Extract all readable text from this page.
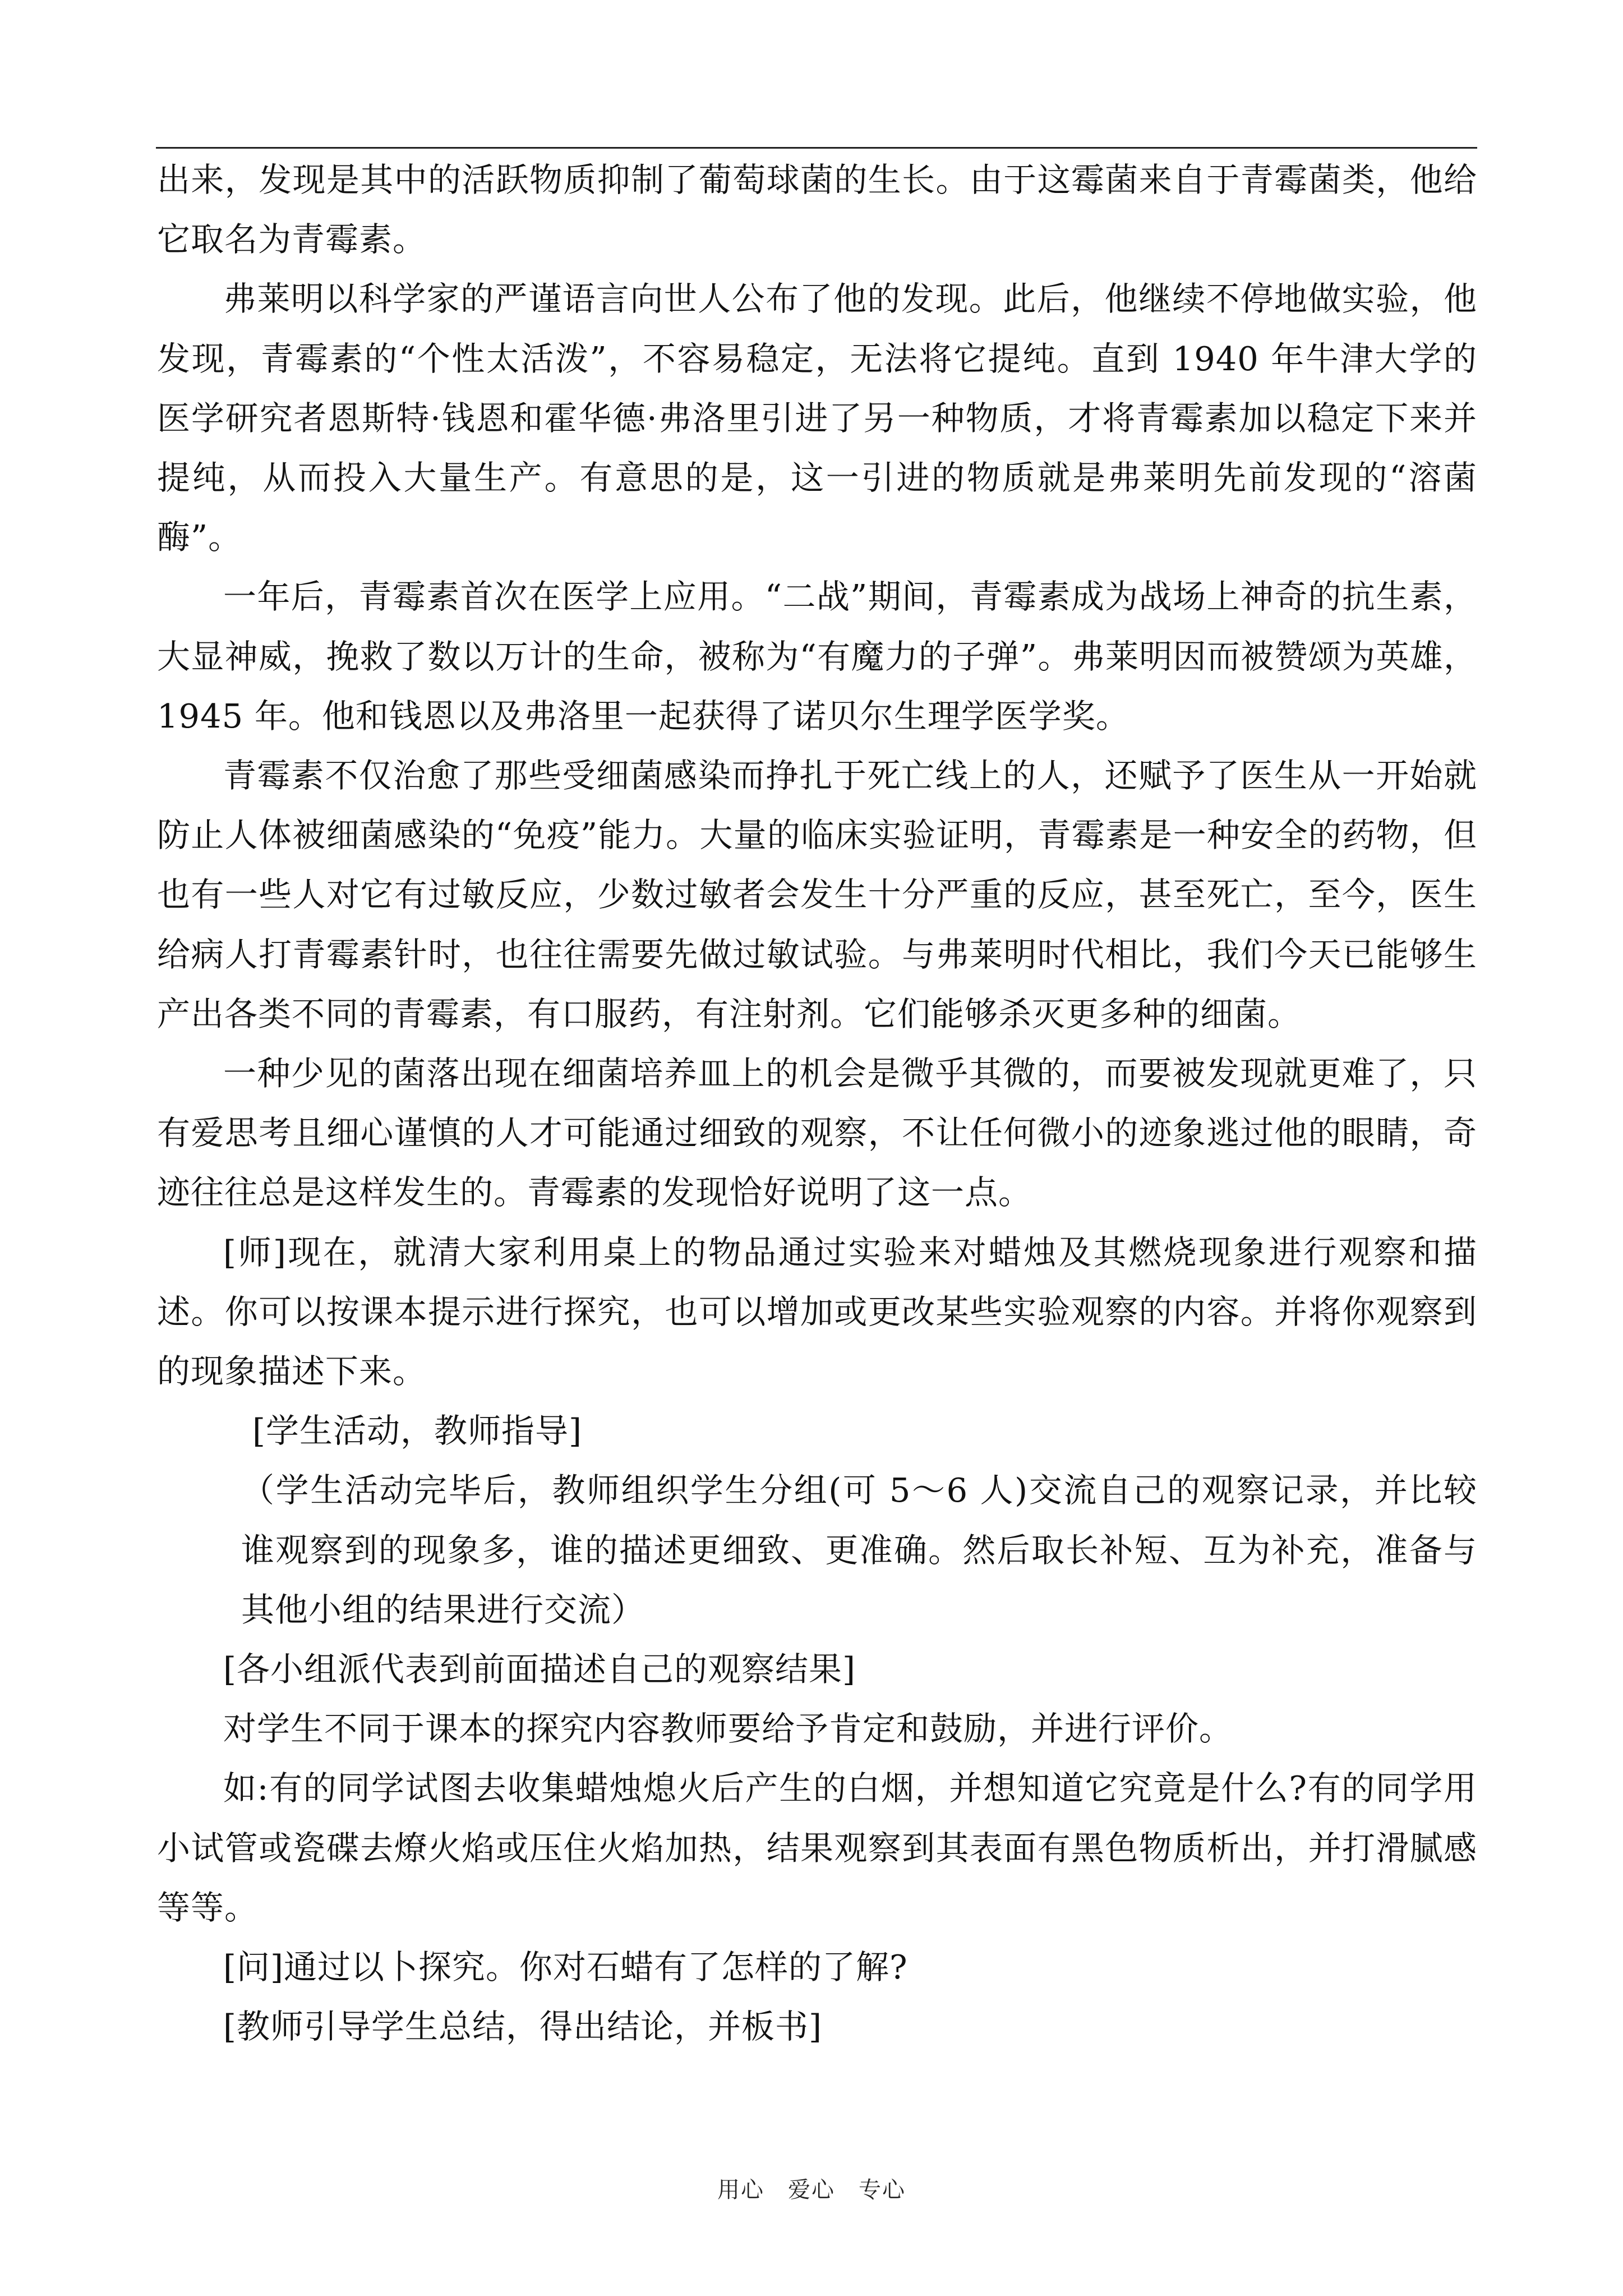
出来，发现是其中的活跃物质抑制了葡萄球菌的生长。由于这霉菌来自于青霉菌类，他给它取名为青霉素。

弗莱明以科学家的严谨语言向世人公布了他的发现。此后，他继续不停地做实验，他发现，青霉素的“个性太活泼”，不容易稳定，无法将它提纯。直到 1940 年牛津大学的医学研究者恩斯特·钱恩和霍华德·弗洛里引进了另一种物质，才将青霉素加以稳定下来并提纯，从而投入大量生产。有意思的是，这一引进的物质就是弗莱明先前发现的“溶菌酶”。

一年后，青霉素首次在医学上应用。“二战”期间，青霉素成为战场上神奇的抗生素，大显神威，挽救了数以万计的生命，被称为“有魔力的子弹”。弗莱明因而被赞颂为英雄，1945 年。他和钱恩以及弗洛里一起获得了诺贝尔生理学医学奖。

青霉素不仅治愈了那些受细菌感染而挣扎于死亡线上的人，还赋予了医生从一开始就防止人体被细菌感染的“免疫”能力。大量的临床实验证明，青霉素是一种安全的药物，但也有一些人对它有过敏反应，少数过敏者会发生十分严重的反应，甚至死亡，至今，医生给病人打青霉素针时，也往往需要先做过敏试验。与弗莱明时代相比，我们今天已能够生产出各类不同的青霉素，有口服药，有注射剂。它们能够杀灭更多种的细菌。

一种少见的菌落出现在细菌培养皿上的机会是微乎其微的，而要被发现就更难了，只有爱思考且细心谨慎的人才可能通过细致的观察，不让任何微小的迹象逃过他的眼睛，奇迹往往总是这样发生的。青霉素的发现恰好说明了这一点。

[师]现在，就清大家利用桌上的物品通过实验来对蜡烛及其燃烧现象进行观察和描述。你可以按课本提示进行探究，也可以增加或更改某些实验观察的内容。并将你观察到的现象描述下来。

[学生活动，教师指导]

（学生活动完毕后，教师组织学生分组(可 5～6 人)交流自己的观察记录，并比较谁观察到的现象多，谁的描述更细致、更准确。然后取长补短、互为补充，准备与其他小组的结果进行交流）

[各小组派代表到前面描述自己的观察结果]

对学生不同于课本的探究内容教师要给予肯定和鼓励，并进行评价。

如:有的同学试图去收集蜡烛熄火后产生的白烟，并想知道它究竟是什么?有的同学用小试管或瓷碟去燎火焰或压住火焰加热，结果观察到其表面有黑色物质析出，并打滑腻感等等。

[问]通过以卜探究。你对石蜡有了怎样的了解?

[教师引导学生总结，得出结论，并板书]

用心　爱心　专心
